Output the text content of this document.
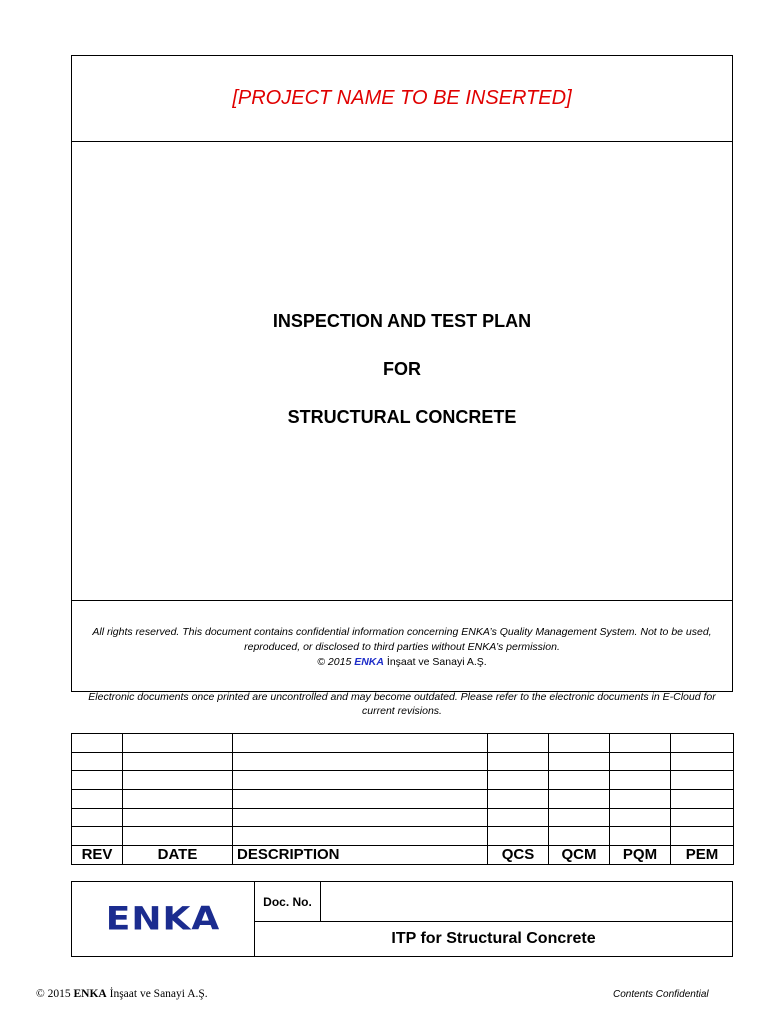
[PROJECT NAME TO BE INSERTED]
INSPECTION AND TEST PLAN
FOR
STRUCTURAL CONCRETE
All rights reserved. This document contains confidential information concerning ENKA’s Quality Management System. Not to be used, reproduced, or disclosed to third parties without ENKA’s permission.
© 2015 ENKA İnşaat ve Sanayi A.Ş.
Electronic documents once printed are uncontrolled and may become outdated. Please refer to the electronic documents in E-Cloud for current revisions.

REV	DATE	DESCRIPTION	QCS	QCM	PQM	PEM
ENKA	Doc. No.
ITP for Structural Concrete
© 2015 ENKA İnşaat ve Sanayi A.Ş.	Contents Confidential
